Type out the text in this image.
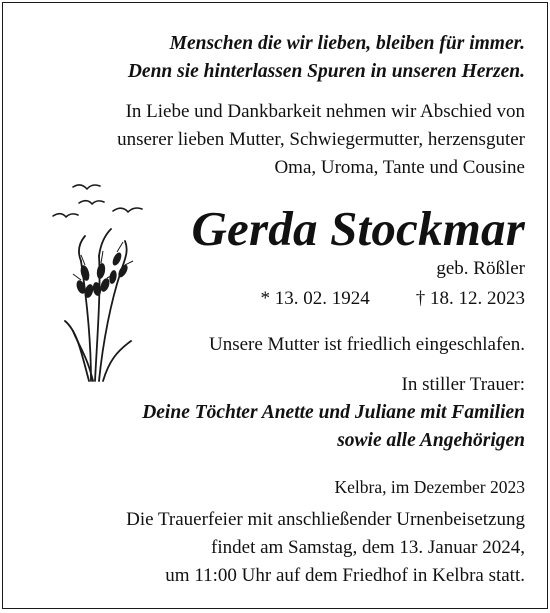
Menschen die wir lieben, bleiben für immer.
Denn sie hinterlassen Spuren in unseren Herzen.
In Liebe und Dankbarkeit nehmen wir Abschied von
unserer lieben Mutter, Schwiegermutter, herzensguter
Oma, Uroma, Tante und Cousine
Gerda Stockmar
geb. Rößler
* 13. 02. 1924 † 18. 12. 2023
Unsere Mutter ist friedlich eingeschlafen.
In stiller Trauer:
Deine Töchter Anette und Juliane mit Familien
sowie alle Angehörigen
Kelbra, im Dezember 2023
Die Trauerfeier mit anschließender Urnenbeisetzung
findet am Samstag, dem 13. Januar 2024,
um 11:00 Uhr auf dem Friedhof in Kelbra statt.
